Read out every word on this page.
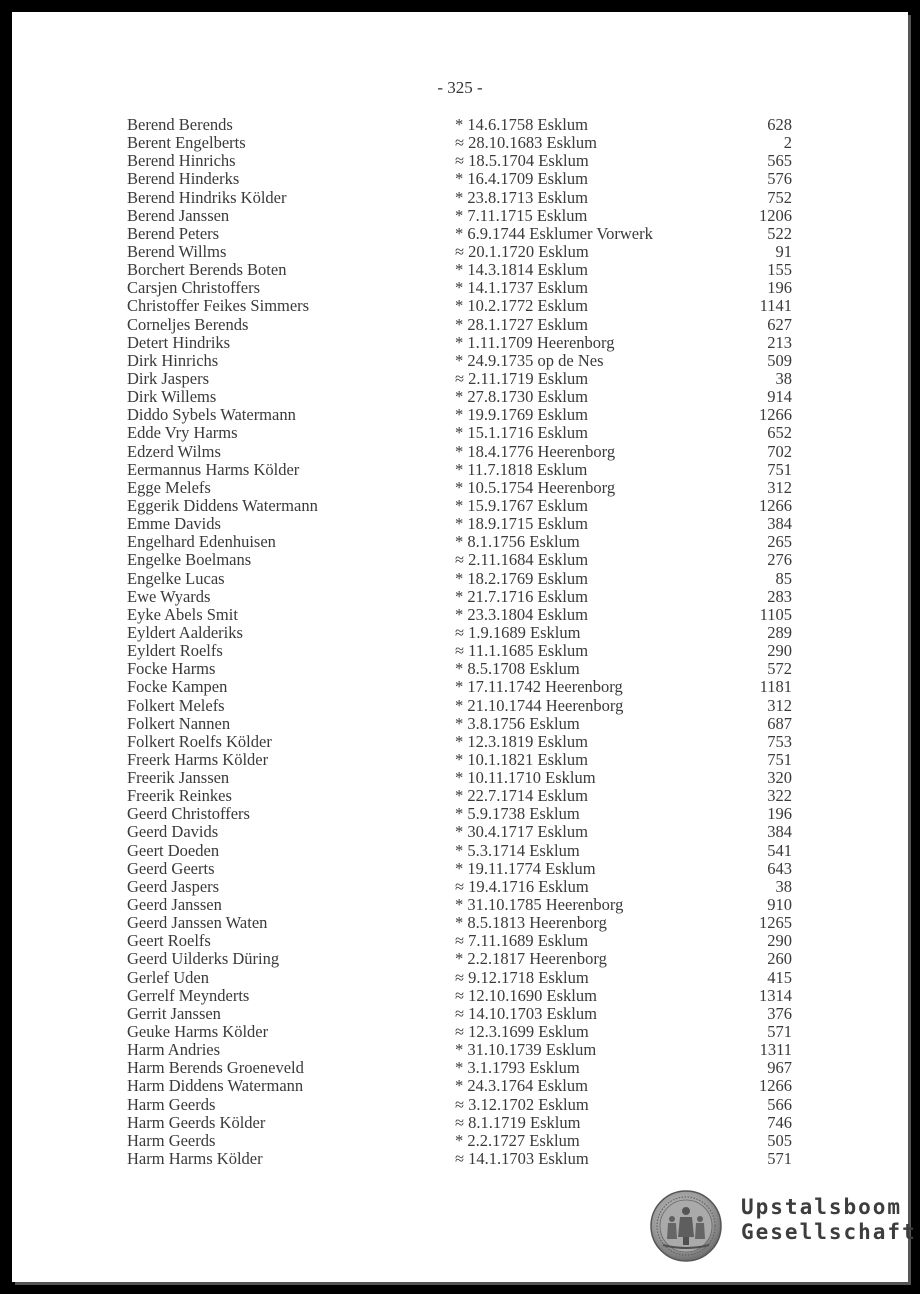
- 325 -
Berend Berends	* 14.6.1758 Esklum	628
Berent Engelberts	≈ 28.10.1683 Esklum	2
Berend Hinrichs	≈ 18.5.1704 Esklum	565
Berend Hinderks	* 16.4.1709 Esklum	576
Berend Hindriks Kölder	* 23.8.1713 Esklum	752
Berend Janssen	* 7.11.1715 Esklum	1206
Berend Peters	* 6.9.1744 Esklumer Vorwerk	522
Berend Willms	≈ 20.1.1720 Esklum	91
Borchert Berends Boten	* 14.3.1814 Esklum	155
Carsjen Christoffers	* 14.1.1737 Esklum	196
Christoffer Feikes Simmers	* 10.2.1772 Esklum	1141
Corneljes Berends	* 28.1.1727 Esklum	627
Detert Hindriks	* 1.11.1709 Heerenborg	213
Dirk Hinrichs	* 24.9.1735 op de Nes	509
Dirk Jaspers	≈ 2.11.1719 Esklum	38
Dirk Willems	* 27.8.1730 Esklum	914
Diddo Sybels Watermann	* 19.9.1769 Esklum	1266
Edde Vry Harms	* 15.1.1716 Esklum	652
Edzerd Wilms	* 18.4.1776 Heerenborg	702
Eermannus Harms Kölder	* 11.7.1818 Esklum	751
Egge Melefs	* 10.5.1754 Heerenborg	312
Eggerik Diddens Watermann	* 15.9.1767 Esklum	1266
Emme Davids	* 18.9.1715 Esklum	384
Engelhard Edenhuisen	* 8.1.1756 Esklum	265
Engelke Boelmans	≈ 2.11.1684 Esklum	276
Engelke Lucas	* 18.2.1769 Esklum	85
Ewe Wyards	* 21.7.1716 Esklum	283
Eyke Abels Smit	* 23.3.1804 Esklum	1105
Eyldert Aalderiks	≈ 1.9.1689 Esklum	289
Eyldert Roelfs	≈ 11.1.1685 Esklum	290
Focke Harms	* 8.5.1708 Esklum	572
Focke Kampen	* 17.11.1742 Heerenborg	1181
Folkert Melefs	* 21.10.1744 Heerenborg	312
Folkert Nannen	* 3.8.1756 Esklum	687
Folkert Roelfs Kölder	* 12.3.1819 Esklum	753
Freerk Harms Kölder	* 10.1.1821 Esklum	751
Freerik Janssen	* 10.11.1710 Esklum	320
Freerik Reinkes	* 22.7.1714 Esklum	322
Geerd Christoffers	* 5.9.1738 Esklum	196
Geerd Davids	* 30.4.1717 Esklum	384
Geert Doeden	* 5.3.1714 Esklum	541
Geerd Geerts	* 19.11.1774 Esklum	643
Geerd Jaspers	≈ 19.4.1716 Esklum	38
Geerd Janssen	* 31.10.1785 Heerenborg	910
Geerd Janssen Waten	* 8.5.1813 Heerenborg	1265
Geert Roelfs	≈ 7.11.1689 Esklum	290
Geerd Uilderks Düring	* 2.2.1817 Heerenborg	260
Gerlef Uden	≈ 9.12.1718 Esklum	415
Gerrelf Meynderts	≈ 12.10.1690 Esklum	1314
Gerrit Janssen	≈ 14.10.1703 Esklum	376
Geuke Harms Kölder	≈ 12.3.1699 Esklum	571
Harm Andries	* 31.10.1739 Esklum	1311
Harm Berends Groeneveld	* 3.1.1793 Esklum	967
Harm Diddens Watermann	* 24.3.1764 Esklum	1266
Harm Geerds	≈ 3.12.1702 Esklum	566
Harm Geerds Kölder	≈ 8.1.1719 Esklum	746
Harm Geerds	* 2.2.1727 Esklum	505
Harm Harms Kölder	≈ 14.1.1703 Esklum	571
Upstalsboom
Gesellschaft
